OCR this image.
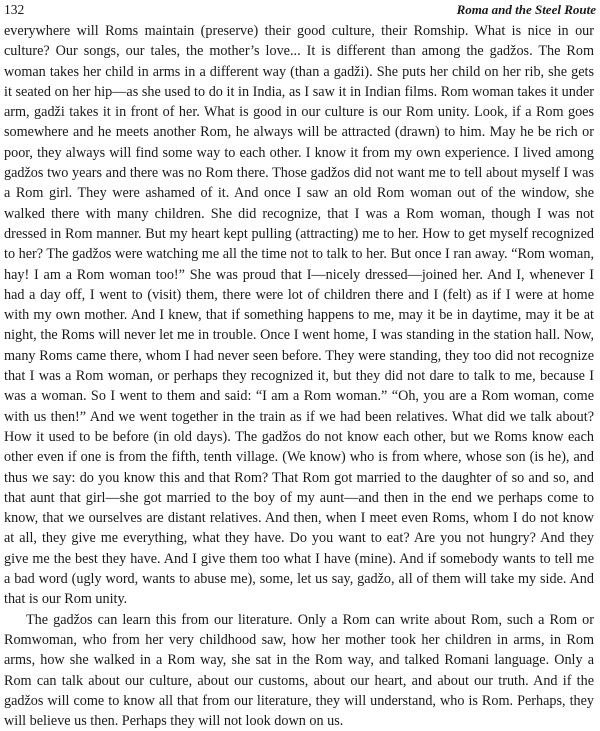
132	Roma and the Steel Route

everywhere will Roms maintain (preserve) their good culture, their Romship. What is nice in our culture? Our songs, our tales, the mother’s love... It is different than among the gadžos. The Rom woman takes her child in arms in a different way (than a gadži). She puts her child on her rib, she gets it seated on her hip—as she used to do it in India, as I saw it in Indian films. Rom woman takes it under arm, gadži takes it in front of her. What is good in our culture is our Rom unity. Look, if a Rom goes somewhere and he meets another Rom, he always will be attracted (drawn) to him. May he be rich or poor, they always will find some way to each other. I know it from my own experience. I lived among gadžos two years and there was no Rom there. Those gadžos did not want me to tell about myself I was a Rom girl. They were ashamed of it. And once I saw an old Rom woman out of the window, she walked there with many children. She did recognize, that I was a Rom woman, though I was not dressed in Rom manner. But my heart kept pulling (attracting) me to her. How to get myself recognized to her? The gadžos were watching me all the time not to talk to her. But once I ran away. “Rom woman, hay! I am a Rom woman too!” She was proud that I—nicely dressed—joined her. And I, whenever I had a day off, I went to (visit) them, there were lot of children there and I (felt) as if I were at home with my own mother. And I knew, that if something happens to me, may it be in daytime, may it be at night, the Roms will never let me in trouble. Once I went home, I was standing in the station hall. Now, many Roms came there, whom I had never seen before. They were standing, they too did not recognize that I was a Rom woman, or perhaps they recognized it, but they did not dare to talk to me, because I was a woman. So I went to them and said: “I am a Rom woman.” “Oh, you are a Rom woman, come with us then!” And we went together in the train as if we had been relatives. What did we talk about? How it used to be before (in old days). The gadžos do not know each other, but we Roms know each other even if one is from the fifth, tenth village. (We know) who is from where, whose son (is he), and thus we say: do you know this and that Rom? That Rom got married to the daughter of so and so, and that aunt that girl—she got married to the boy of my aunt—and then in the end we perhaps come to know, that we ourselves are distant relatives. And then, when I meet even Roms, whom I do not know at all, they give me everything, what they have. Do you want to eat? Are you not hungry? And they give me the best they have. And I give them too what I have (mine). And if somebody wants to tell me a bad word (ugly word, wants to abuse me), some, let us say, gadžo, all of them will take my side. And that is our Rom unity.

The gadžos can learn this from our literature. Only a Rom can write about Rom, such a Rom or Romwoman, who from her very childhood saw, how her mother took her children in arms, in Rom arms, how she walked in a Rom way, she sat in the Rom way, and talked Romani language. Only a Rom can talk about our culture, about our customs, about our heart, and about our truth. And if the gadžos will come to know all that from our literature, they will understand, who is Rom. Perhaps, they will believe us then. Perhaps they will not look down on us.
